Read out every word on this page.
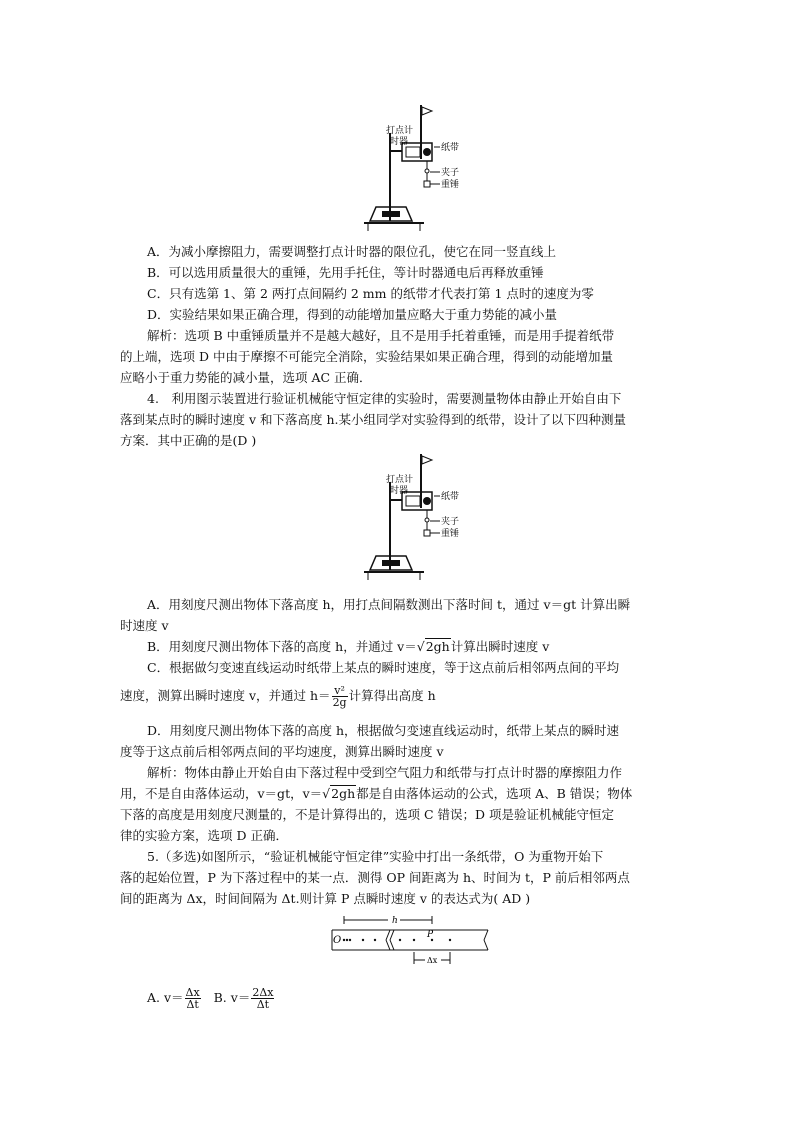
打点计
时器
纸带
夹子
重锤
A．为减小摩擦阻力，需要调整打点计时器的限位孔，使它在同一竖直线上
B．可以选用质量很大的重锤，先用手托住，等计时器通电后再释放重锤
C．只有选第 1、第 2 两打点间隔约 2 mm 的纸带才代表打第 1 点时的速度为零
D．实验结果如果正确合理，得到的动能增加量应略大于重力势能的减小量
解析：选项 B 中重锤质量并不是越大越好，且不是用手托着重锤，而是用手提着纸带
的上端，选项 D 中由于摩擦不可能完全消除，实验结果如果正确合理，得到的动能增加量
应略小于重力势能的减小量，选项 AC 正确．
4.　利用图示装置进行验证机械能守恒定律的实验时，需要测量物体由静止开始自由下
落到某点时的瞬时速度 v 和下落高度 h.某小组同学对实验得到的纸带，设计了以下四种测量
方案．其中正确的是(D )
打点计
时器
纸带
夹子
重锤
A．用刻度尺测出物体下落高度 h，用打点间隔数测出下落时间 t，通过 v＝gt 计算出瞬
时速度 v
B．用刻度尺测出物体下落的高度 h，并通过 v＝√2gh计算出瞬时速度 v
C．根据做匀变速直线运动时纸带上某点的瞬时速度，等于这点前后相邻两点间的平均
速度，测算出瞬时速度 v，并通过 $h= \frac{\text{v²}}{2g}$ 计算得出高度 h
D．用刻度尺测出物体下落的高度 h，根据做匀变速直线运动时，纸带上某点的瞬时速
度等于这点前后相邻两点间的平均速度，测算出瞬时速度 v
解析：物体由静止开始自由下落过程中受到空气阻力和纸带与打点计时器的摩擦阻力作
用，不是自由落体运动，v＝gt，v＝√2gh都是自由落体运动的公式，选项 A、B 错误；物体
下落的高度是用刻度尺测量的，不是计算得出的，选项 C 错误；D 项是验证机械能守恒定
律的实验方案，选项 D 正确．
5.（多选)如图所示，“验证机械能守恒定律”实验中打出一条纸带，O 为重物开始下
落的起始位置，P 为下落过程中的某一点．测得 OP 间距离为 h、时间为 t，P 前后相邻两点
间的距离为 Δx，时间间隔为 Δt.则计算 P 点瞬时速度 v 的表达式为( AD )
O	P
h
Δx
A. $v= \frac{\Delta x}{\Delta t} B$. $v= \frac{2\Delta x}{\Delta t}$
